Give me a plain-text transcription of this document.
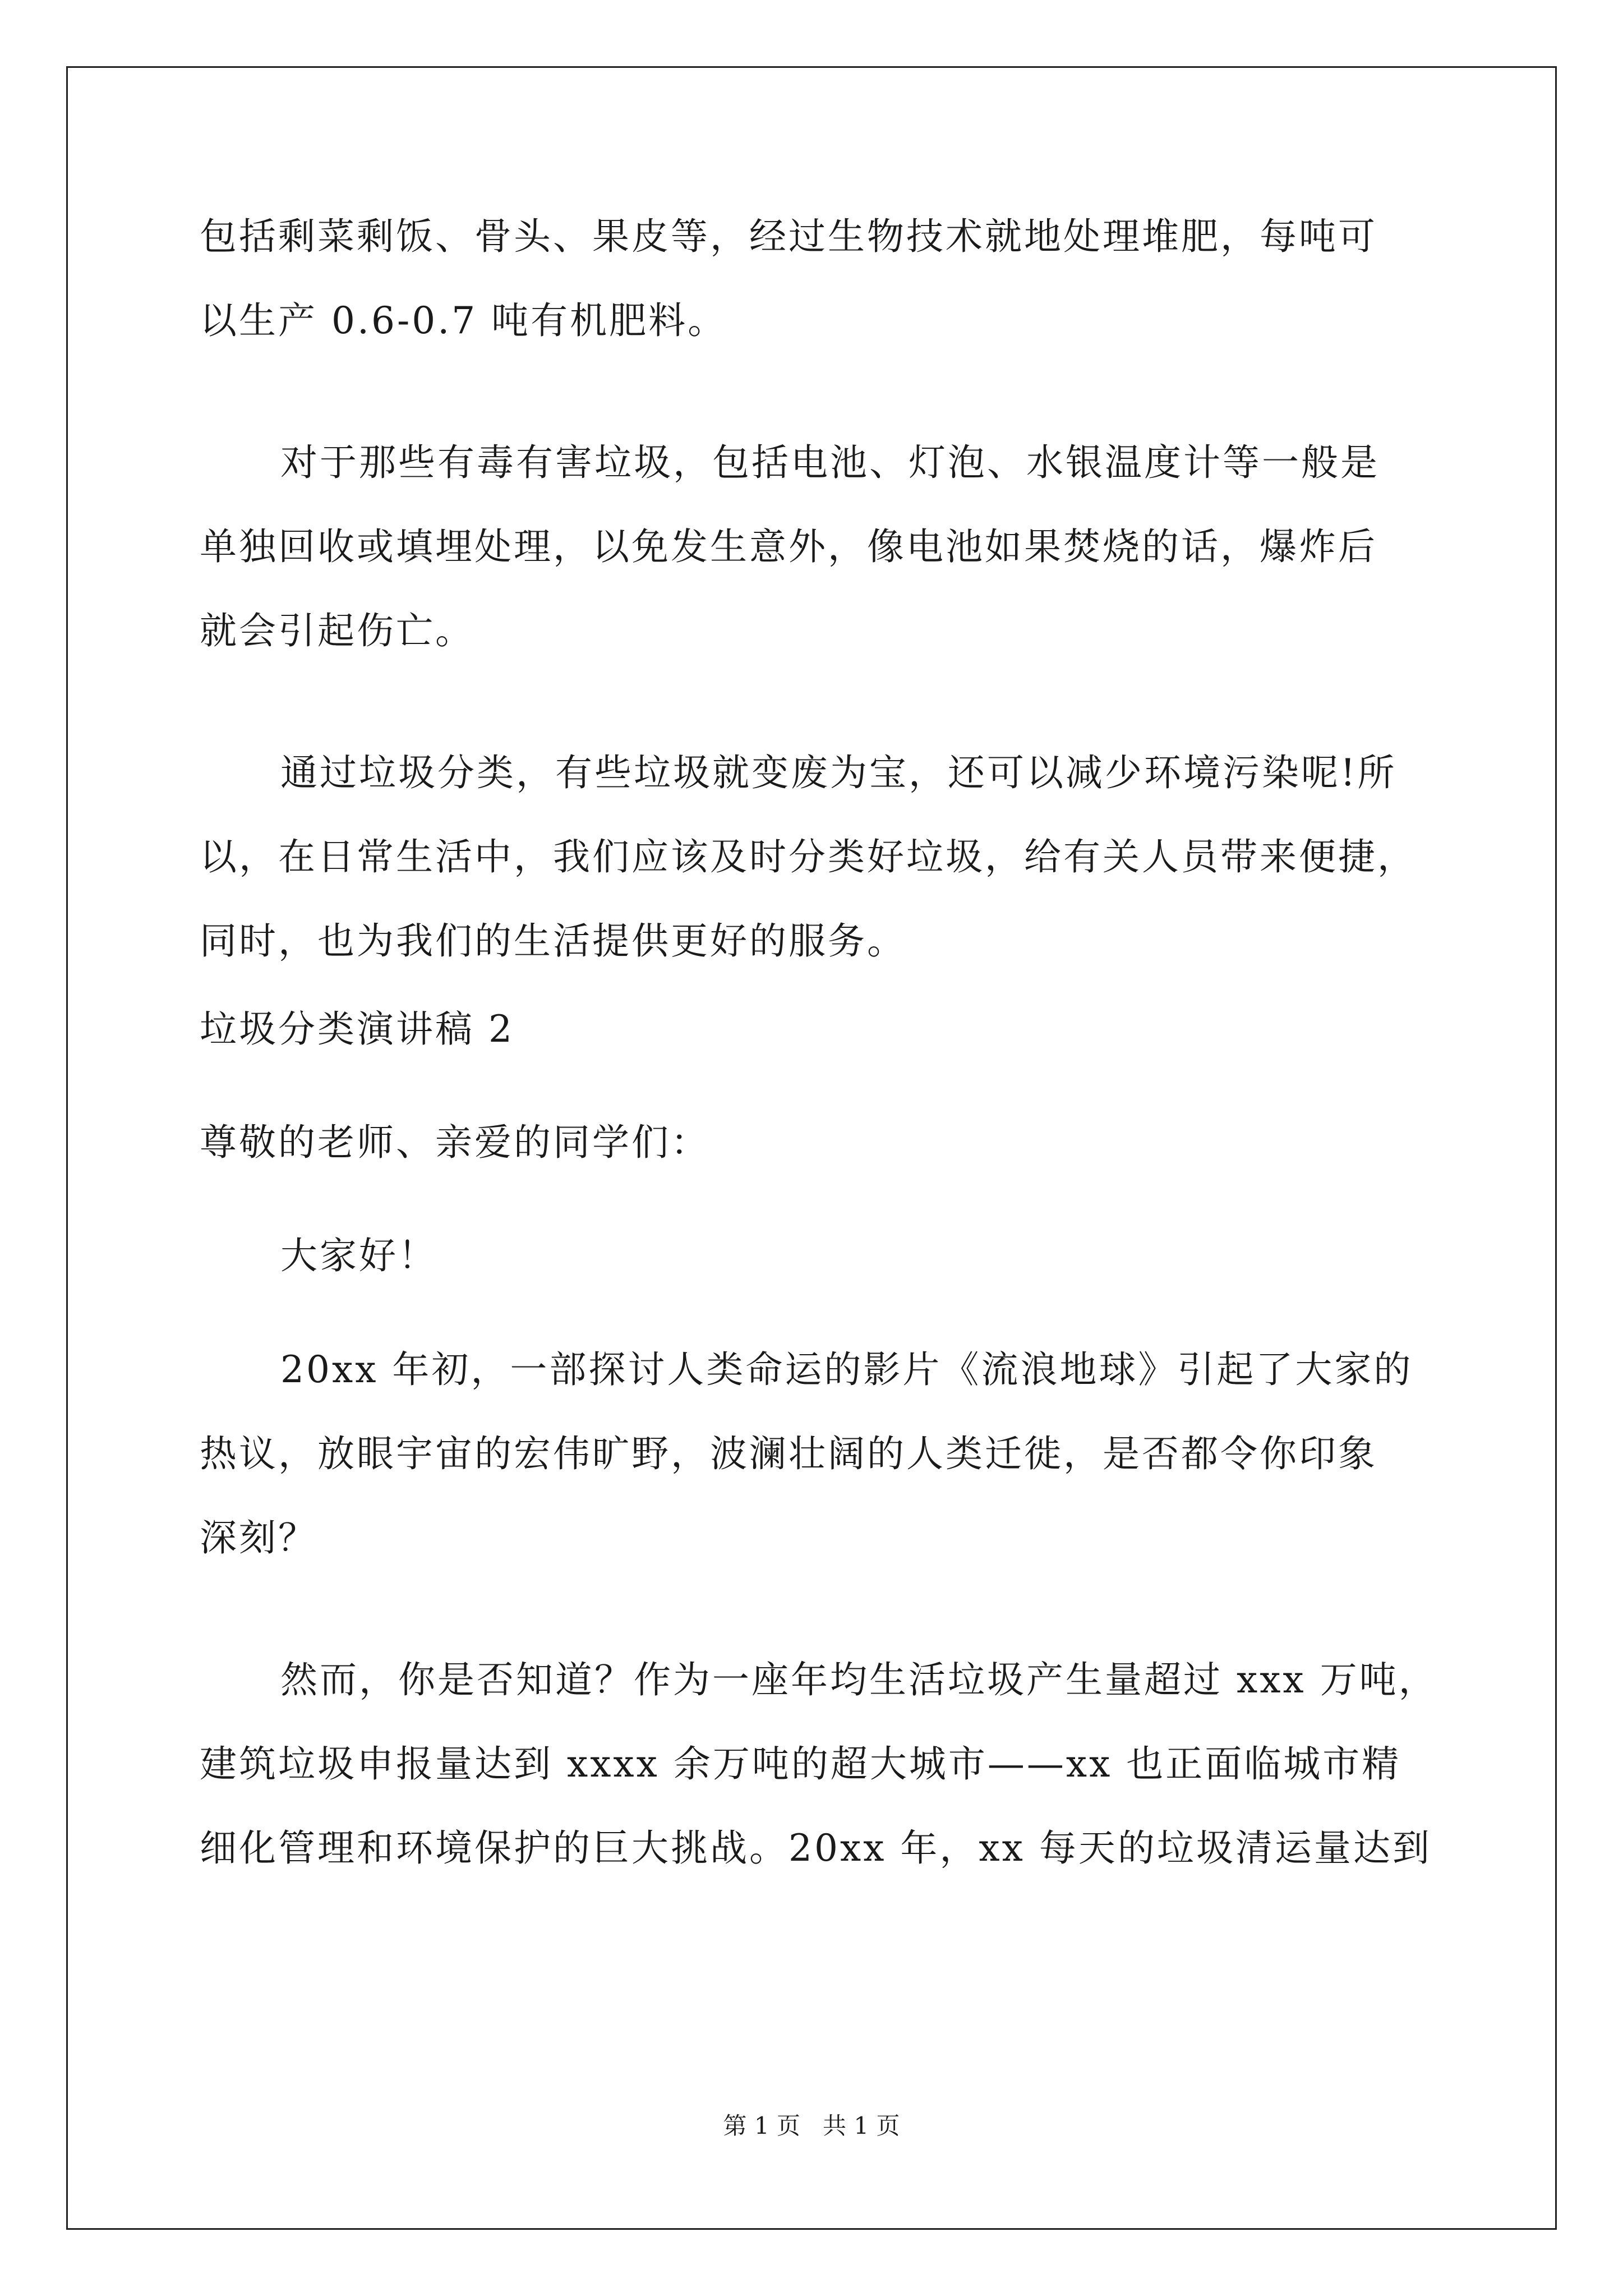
包括剩菜剩饭、骨头、果皮等，经过生物技术就地处理堆肥，每吨可
以生产 0.6-0.7 吨有机肥料。
对于那些有毒有害垃圾，包括电池、灯泡、水银温度计等一般是
单独回收或填埋处理，以免发生意外，像电池如果焚烧的话，爆炸后
就会引起伤亡。
通过垃圾分类，有些垃圾就变废为宝，还可以减少环境污染呢!所
以，在日常生活中，我们应该及时分类好垃圾，给有关人员带来便捷，
同时，也为我们的生活提供更好的服务。
垃圾分类演讲稿 2
尊敬的老师、亲爱的同学们：
大家好！
20xx 年初，一部探讨人类命运的影片《流浪地球》引起了大家的
热议，放眼宇宙的宏伟旷野，波澜壮阔的人类迁徙，是否都令你印象
深刻？
然而，你是否知道？作为一座年均生活垃圾产生量超过 xxx 万吨，
建筑垃圾申报量达到 xxxx 余万吨的超大城市——xx 也正面临城市精
细化管理和环境保护的巨大挑战。20xx 年，xx 每天的垃圾清运量达到
第 1 页   共 1 页
